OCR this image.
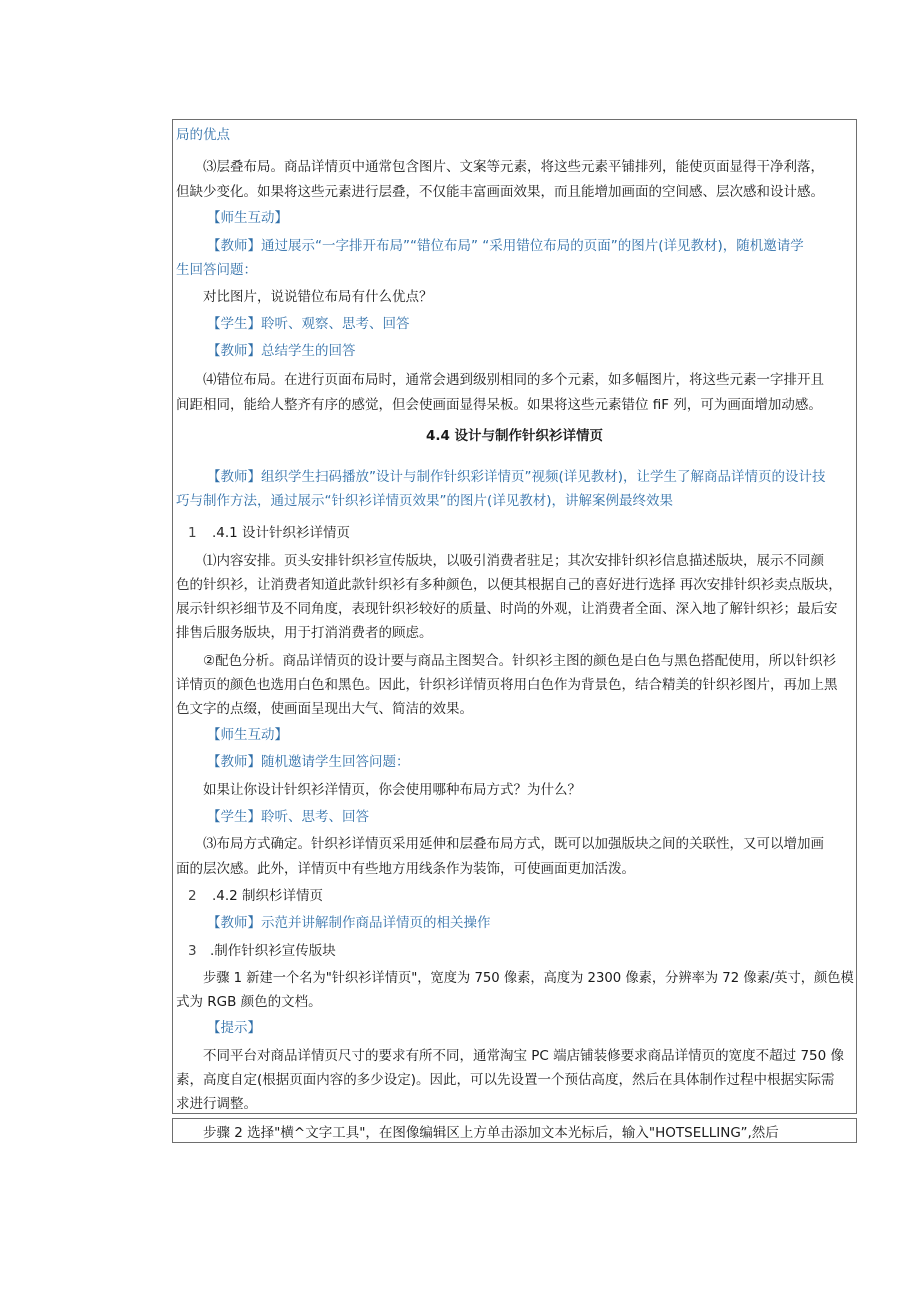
局的优点
⑶层叠布局。商品详情页中通常包含图片、文案等元素，将这些元素平铺排列，能使页面显得干净利落，
但缺少变化。如果将这些元素进行层叠，不仅能丰富画面效果，而且能增加画面的空间感、层次感和设计感。
【师生互动】
【教师】通过展示“一字排开布局”“错位布局” “采用错位布局的页面”的图片(详见教材)，随机邀请学
生回答问题：
对比图片，说说错位布局有什么优点？
【学生】聆听、观察、思考、回答
【教师】总结学生的回答
⑷错位布局。在进行页面布局时，通常会遇到级别相同的多个元素，如多幅图片，将这些元素一字排开且
间距相同，能给人整齐有序的感觉，但会使画面显得呆板。如果将这些元素错位 fiF 列，可为画面增加动感。
4.4 设计与制作针织衫详情页
【教师】组织学生扫码播放”设计与制作针织彩详情页”视频(详见教材)，让学生了解商品详情页的设计技
巧与制作方法，通过展示“针织衫详情页效果”的图片(详见教材)，讲解案例最终效果
1 .4.1 设计针织衫详情页
⑴内容安排。页头安排针织衫宣传版块，以吸引消费者驻足；其次安排针织衫信息描述版块，展示不同颜
色的针织衫，让消费者知道此款针织衫有多种颜色，以便其根据自己的喜好进行选择 再次安排针织衫卖点版块，
展示针织衫细节及不同角度，表现针织衫较好的质量、时尚的外观，让消费者全面、深入地了解针织衫；最后安
排售后服务版块，用于打消消费者的顾虑。
②配色分析。商品详情页的设计要与商品主图契合。针织衫主图的颜色是白色与黑色搭配使用，所以针织衫
详情页的颜色也选用白色和黑色。因此，针织衫详情页将用白色作为背景色，结合精美的针织衫图片，再加上黑
色文字的点缀，使画面呈现出大气、简洁的效果。
【师生互动】
【教师】随机邀请学生回答问题：
如果让你设计针织衫洋情页，你会使用哪种布局方式？为什么？
【学生】聆听、思考、回答
⑶布局方式确定。针织衫详情页采用延伸和层叠布局方式，既可以加强版块之间的关联性，又可以增加画
面的层次感。此外，详情页中有些地方用线条作为装饰，可使画面更加活泼。
2 .4.2 制织杉详情页
【教师】示范并讲解制作商品详情页的相关操作
3 .制作针织衫宣传版块
步骤 1 新建一个名为"针织衫详情页"，宽度为 750 像素，高度为 2300 像素，分辨率为 72 像素/英寸，颜色模
式为 RGB 颜色的文档。
【提示】
不同平台对商品详情页尺寸的要求有所不同，通常淘宝 PC 端店铺装修要求商品详情页的宽度不超过 750 像
素，高度自定(根据页面内容的多少设定)。因此，可以先设置一个预估高度，然后在具体制作过程中根据实际需
求进行调整。
步骤 2 选择"横^文字工具"，在图像编辑区上方单击添加文本光标后，输入"HOTSELLING”,然后
